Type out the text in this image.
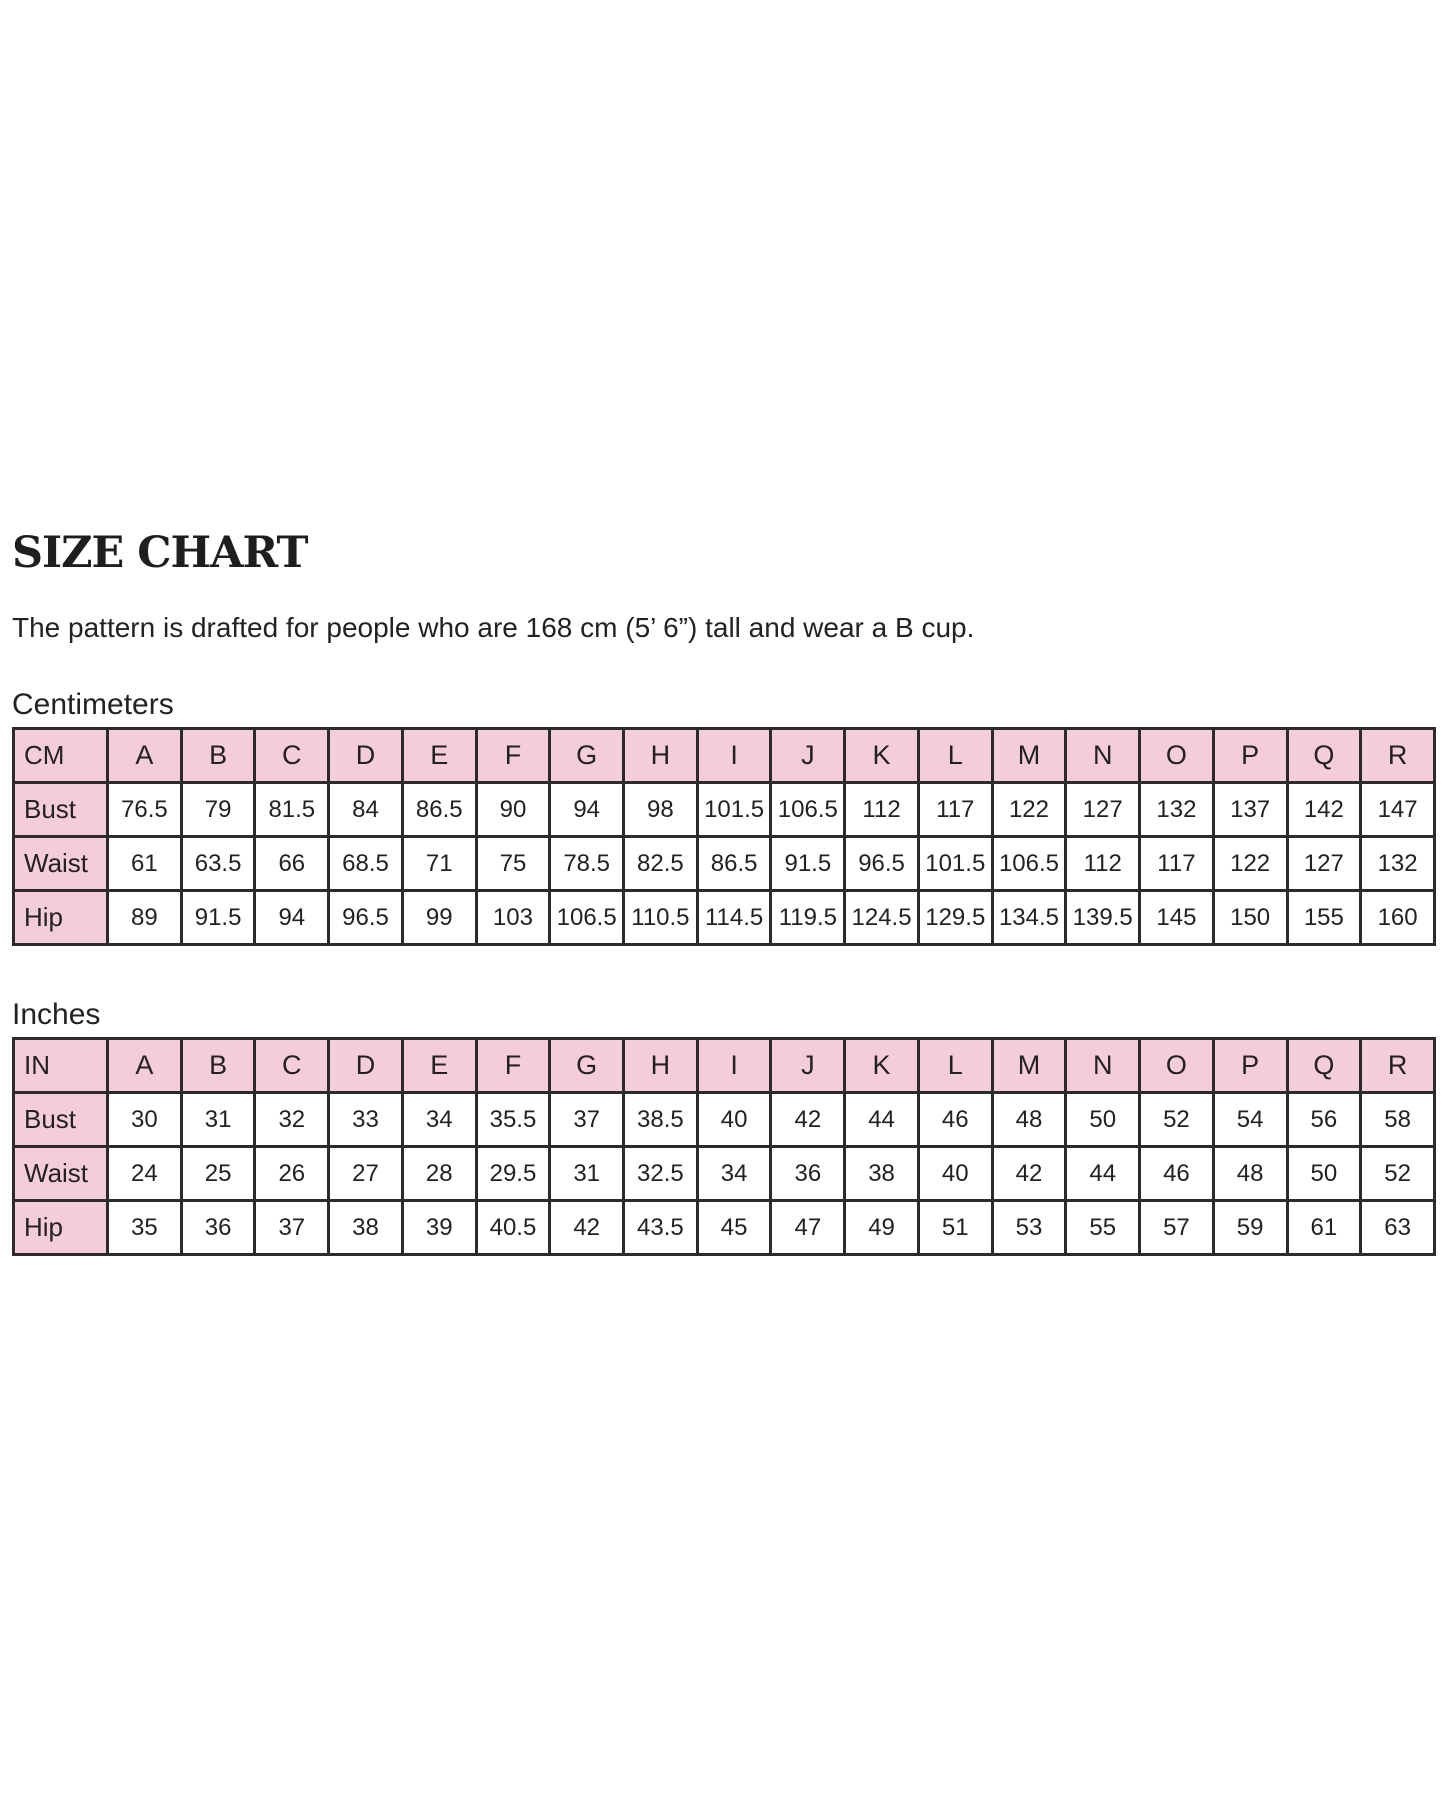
SIZE CHART

The pattern is drafted for people who are 168 cm (5’ 6”) tall and wear a B cup.

Centimeters

CM	A	B	C	D	E	F	G	H	I	J	K	L	M	N	O	P	Q	R
Bust	76.5	79	81.5	84	86.5	90	94	98	101.5	106.5	112	117	122	127	132	137	142	147
Waist	61	63.5	66	68.5	71	75	78.5	82.5	86.5	91.5	96.5	101.5	106.5	112	117	122	127	132
Hip	89	91.5	94	96.5	99	103	106.5	110.5	114.5	119.5	124.5	129.5	134.5	139.5	145	150	155	160

Inches

IN	A	B	C	D	E	F	G	H	I	J	K	L	M	N	O	P	Q	R
Bust	30	31	32	33	34	35.5	37	38.5	40	42	44	46	48	50	52	54	56	58
Waist	24	25	26	27	28	29.5	31	32.5	34	36	38	40	42	44	46	48	50	52
Hip	35	36	37	38	39	40.5	42	43.5	45	47	49	51	53	55	57	59	61	63
